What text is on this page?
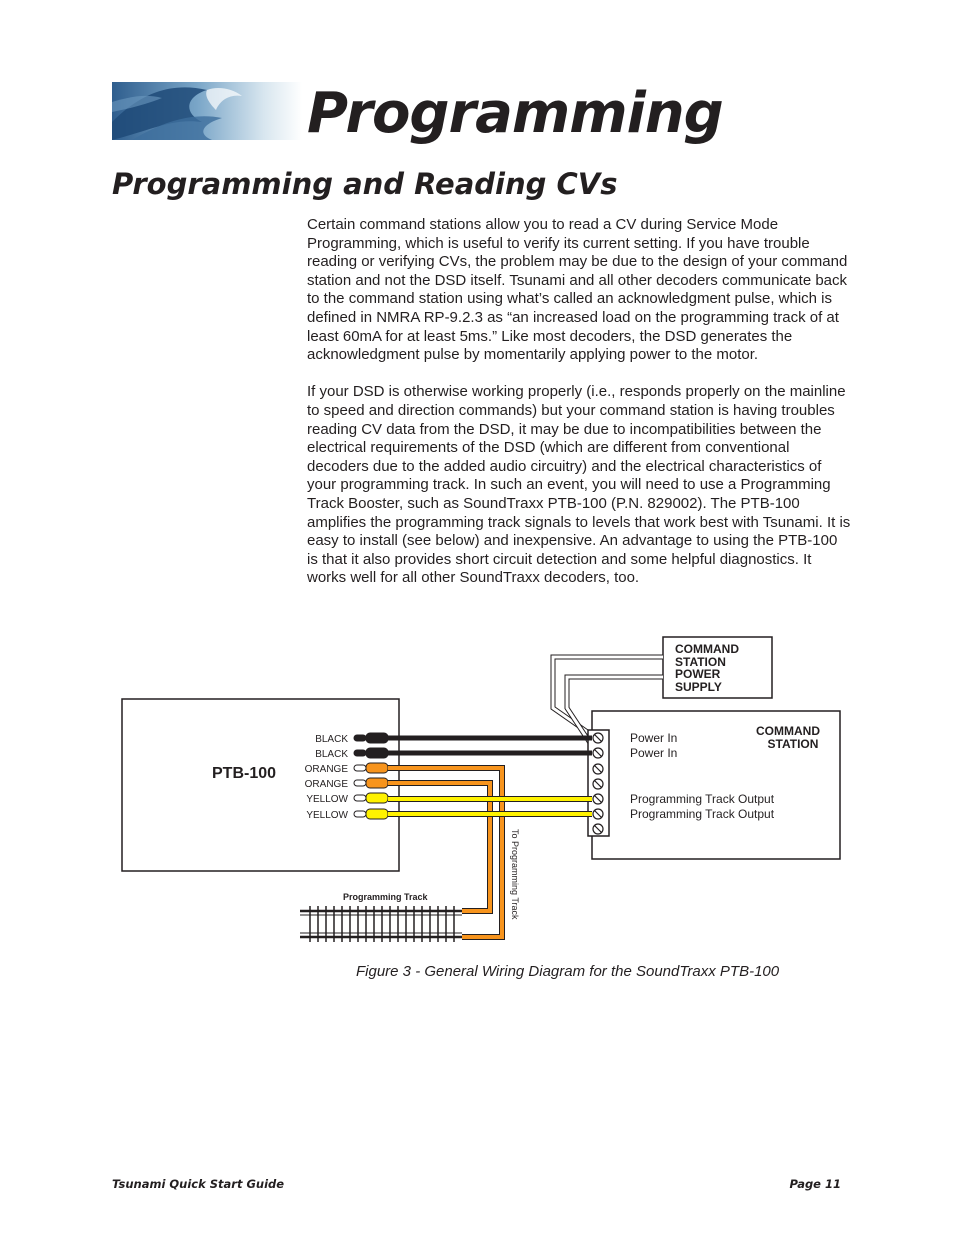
Programming
Programming and Reading CVs

Certain command stations allow you to read a CV during Service Mode Programming, which is useful to verify its current setting. If you have trouble reading or verifying CVs, the problem may be due to the design of your command station and not the DSD itself. Tsunami and all other decoders communicate back to the command station using what’s called an acknowledgment pulse, which is defined in NMRA RP-9.2.3 as “an increased load on the programming track of at least 60mA for at least 5ms.” Like most decoders, the DSD generates the acknowledgment pulse by momentarily applying power to the motor.

If your DSD is otherwise working properly (i.e., responds properly on the mainline to speed and direction commands) but your command station is having troubles reading CV data from the DSD, it may be due to incompatibilities between the electrical requirements of the DSD (which are different from conventional decoders due to the added audio circuitry) and the electrical characteristics of your programming track. In such an event, you will need to use a Programming Track Booster, such as SoundTraxx PTB-100 (P.N. 829002). The PTB-100 amplifies the programming track signals to levels that work best with Tsunami. It is easy to install (see below) and inexpensive. An advantage to using the PTB-100 is that it also provides short circuit detection and some helpful diagnostics. It works well for all other SoundTraxx decoders, too.

COMMAND
STATION
POWER
SUPPLY
COMMAND
STATION
Power In
Power In
Programming Track Output
Programming Track Output
PTB-100
BLACK
BLACK
ORANGE
ORANGE
YELLOW
YELLOW
To Programming Track
Programming Track
Figure 3 - General Wiring Diagram for the SoundTraxx PTB-100
Tsunami Quick Start Guide	Page 11
